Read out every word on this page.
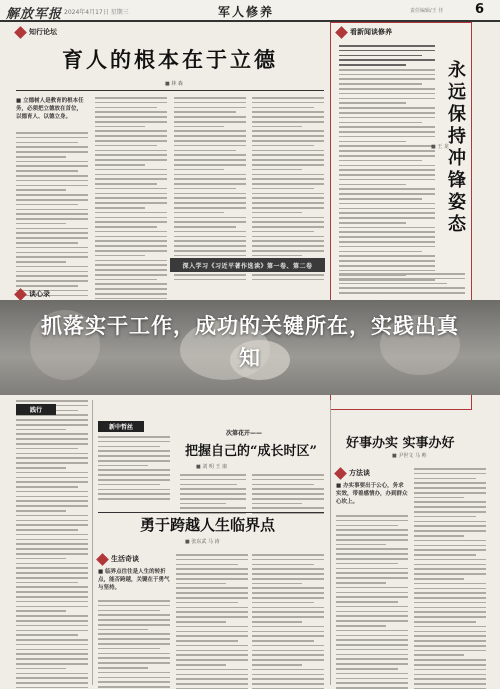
解放军报 2024年4月17日 星期三	军人修养	责任编辑/王 佳 6
知行论坛
育人的根本在于立德
■ 林 森
■ 立德树人是教育的根本任务，必须把立德放在首位，以德育人、以德立身。
深入学习《习近平著作选读》第一卷、第二卷
看新闻谈修养
■ 王 龙
永远保持冲锋姿态
谈心录
抓落实干工作，成功的关键所在，实践出真知
新中哲丝
次第花开——
把握自己的“成长时区”
■ 刘 明 王 康
勇于跨越人生临界点
■ 张东武 马 涛
生活奇谈
■ 临界点往往是人生的转折点，能否跨越，关键在于勇气与坚持。
好事办实 实事办好
■ 尹世文 马 帅
方法谈
■ 办实事要出于公心，务求实效，带着感情办，办到群众心坎上。
践行
